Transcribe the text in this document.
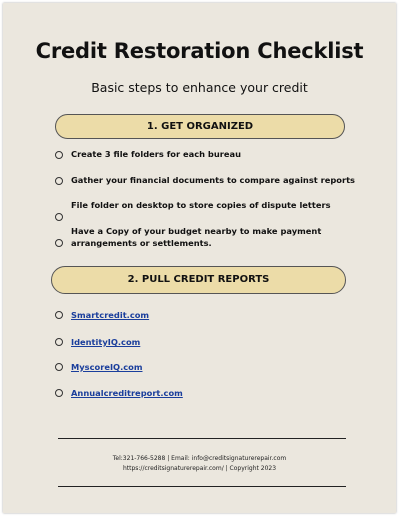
Credit Restoration Checklist
Basic steps to enhance your credit
1. GET ORGANIZED
Create 3 file folders for each bureau
Gather your financial documents to compare against reports
File folder on desktop to store copies of dispute letters
Have a Copy of your budget nearby to make payment arrangements or settlements.
2. PULL CREDIT REPORTS
Smartcredit.com
IdentityIQ.com
MyscoreIQ.com
Annualcreditreport.com
Tel:321-766-5288 | Email: info@creditsignaturerepair.com
https://creditsignaturerepair.com/ | Copyright 2023
